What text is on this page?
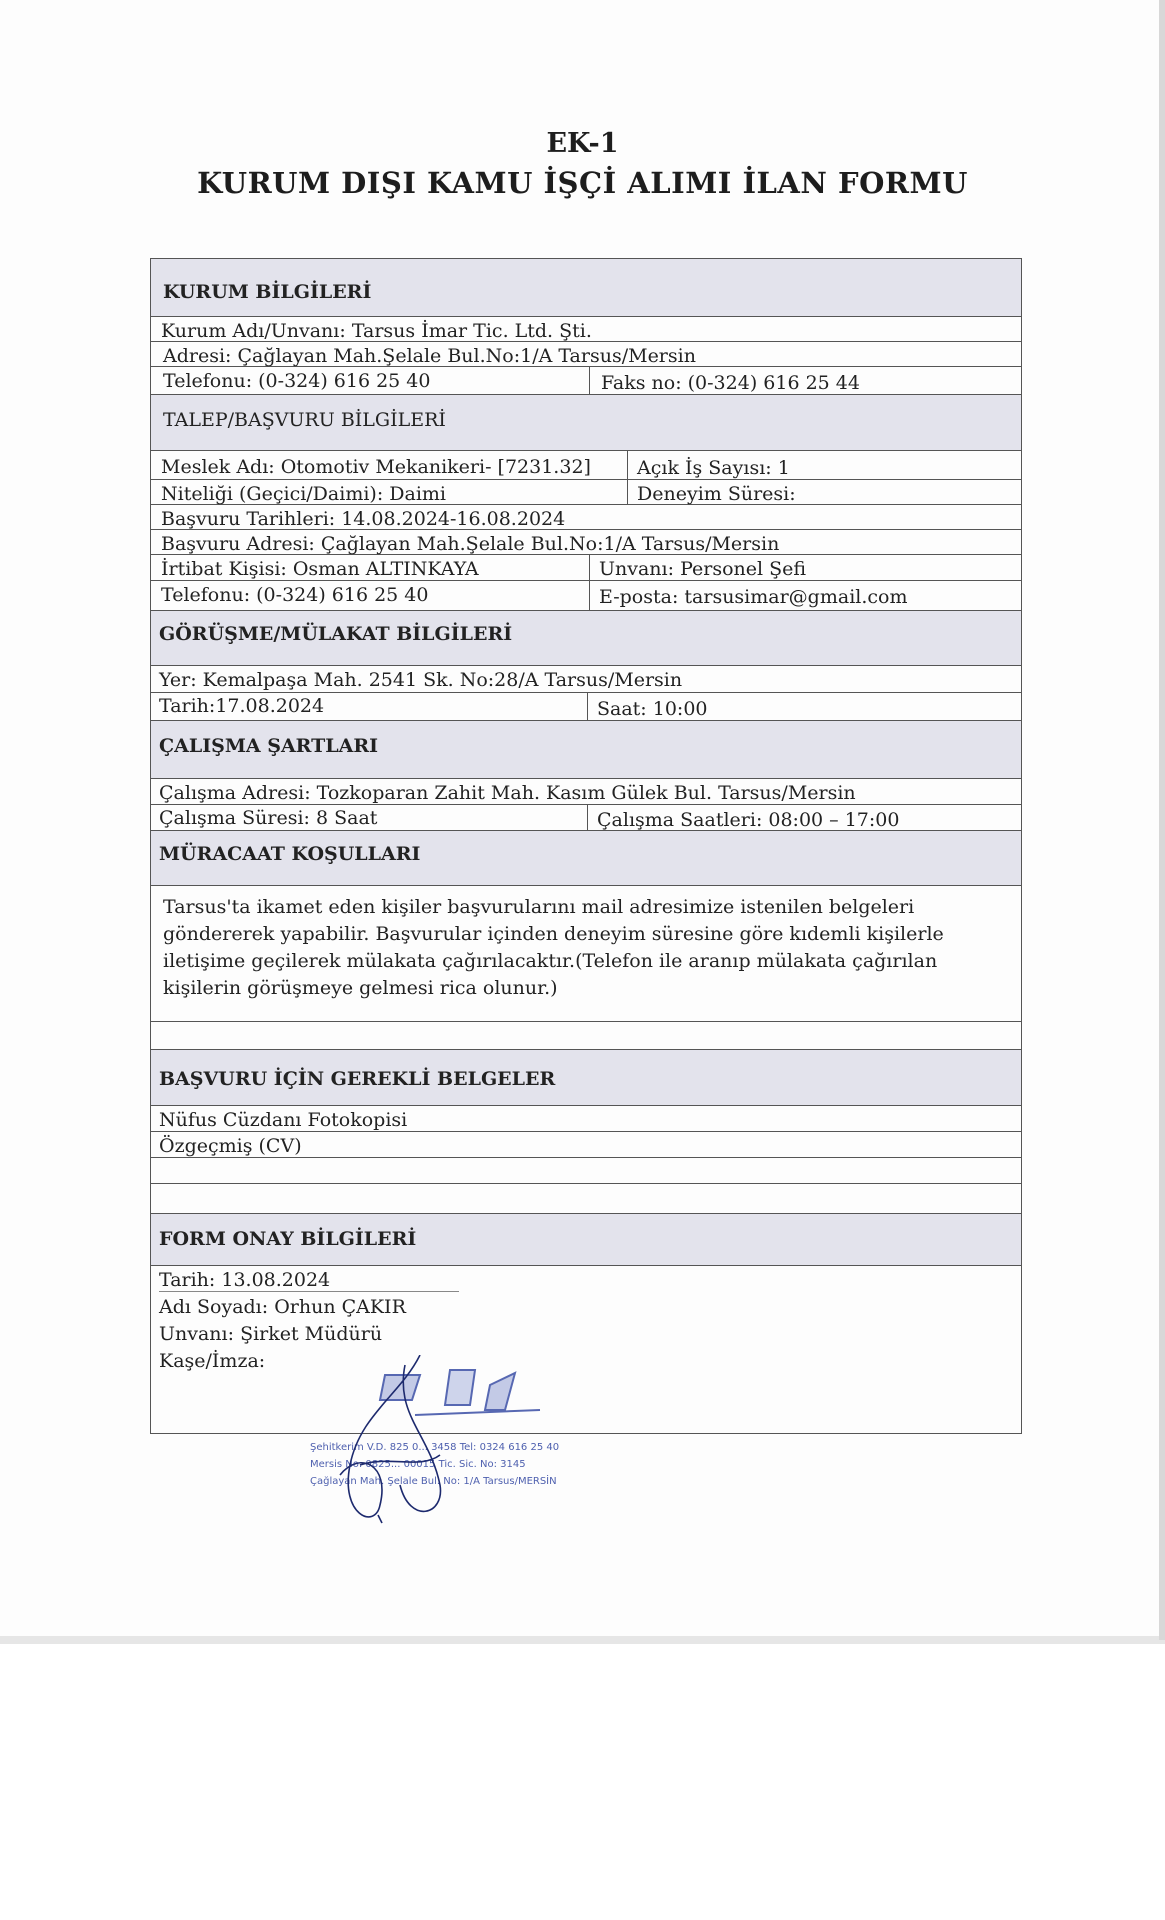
EK-1
KURUM DIŞI KAMU İŞÇİ ALIMI İLAN FORMU
KURUM BİLGİLERİ
Kurum Adı/Unvanı: Tarsus İmar Tic. Ltd. Şti.
Adresi: Çağlayan Mah.Şelale Bul.No:1/A Tarsus/Mersin
Telefonu: (0-324) 616 25 40	Faks no: (0-324) 616 25 44
TALEP/BAŞVURU BİLGİLERİ
Meslek Adı: Otomotiv Mekanikeri- [7231.32] Açık İş Sayısı: 1
Niteliği (Geçici/Daimi): Daimi	Deneyim Süresi:
Başvuru Tarihleri: 14.08.2024-16.08.2024
Başvuru Adresi: Çağlayan Mah.Şelale Bul.No:1/A Tarsus/Mersin
İrtibat Kişisi: Osman ALTINKAYA	Unvanı: Personel Şefi
Telefonu: (0-324) 616 25 40	E-posta: tarsusimar@gmail.com
GÖRÜŞME/MÜLAKAT BİLGİLERİ
Yer: Kemalpaşa Mah. 2541 Sk. No:28/A Tarsus/Mersin
Tarih:17.08.2024	Saat: 10:00
ÇALIŞMA ŞARTLARI
Çalışma Adresi: Tozkoparan Zahit Mah. Kasım Gülek Bul. Tarsus/Mersin
Çalışma Süresi: 8 Saat	Çalışma Saatleri: 08:00 – 17:00
MÜRACAAT KOŞULLARI
Tarsus'ta ikamet eden kişiler başvurularını mail adresimize istenilen belgeleri
göndererek yapabilir. Başvurular içinden deneyim süresine göre kıdemli kişilerle
iletişime geçilerek mülakata çağırılacaktır.(Telefon ile aranıp mülakata çağırılan
kişilerin görüşmeye gelmesi rica olunur.)
BAŞVURU İÇİN GEREKLİ BELGELER
Nüfus Cüzdanı Fotokopisi
Özgeçmiş (CV)
FORM ONAY BİLGİLERİ
Tarih: 13.08.2024
Adı Soyadı: Orhun ÇAKIR
Unvanı: Şirket Müdürü
Kaşe/İmza:
Şehitkerim V.D. 825 0... 3458 Tel: 0324 616 25 40
Mersis No: 0825... 00015 Tic. Sic. No: 3145
Çağlayan Mah. Şelale Bul. No: 1/A Tarsus/MERSİN
